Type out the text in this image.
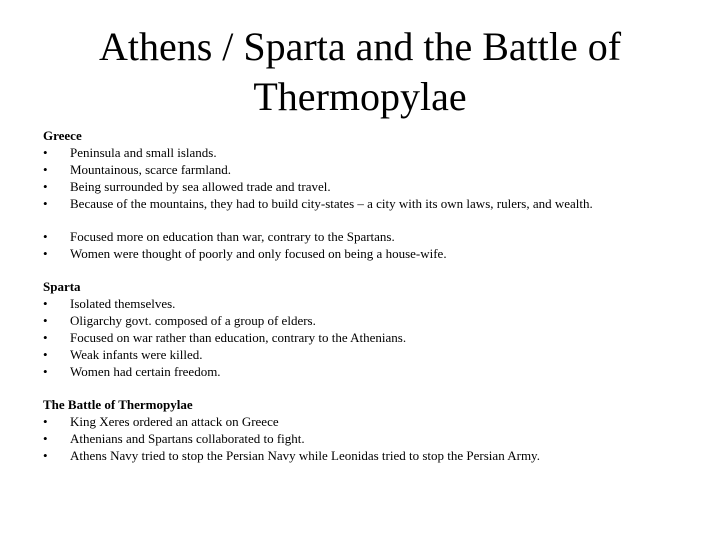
Athens / Sparta and the Battle of Thermopylae
Greece
•	Peninsula and small islands.
•	Mountainous, scarce farmland.
•	Being surrounded by sea allowed trade and travel.
•	Because of the mountains, they had to build city-states – a city with its own laws, rulers, and wealth.
•	Focused more on education than war, contrary to the Spartans.
•	Women were thought of poorly and only focused on being a house-wife.
Sparta
•	Isolated themselves.
•	Oligarchy govt. composed of a group of elders.
•	Focused on war rather than education, contrary to the Athenians.
•	Weak infants were killed.
•	Women had certain freedom.
The Battle of Thermopylae
•	King Xeres ordered an attack on Greece
•	Athenians and Spartans collaborated to fight.
•	Athens Navy tried to stop the Persian Navy while Leonidas tried to stop the Persian Army.
